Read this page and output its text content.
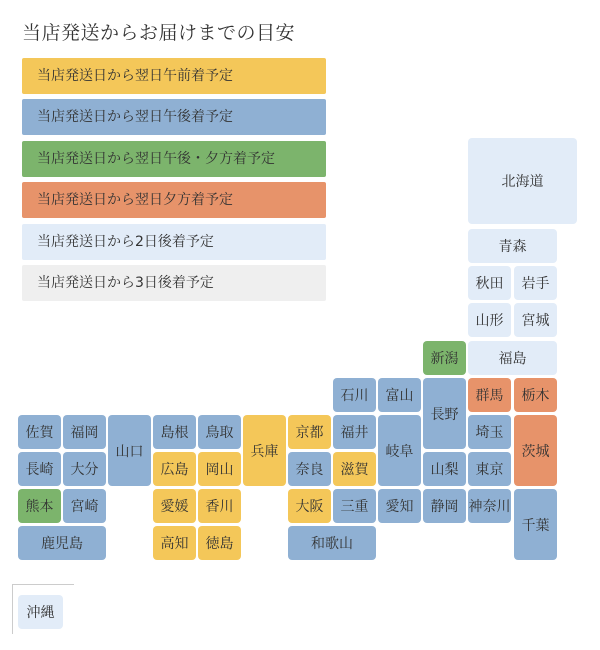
当店発送からお届けまでの目安
当店発送日から翌日午前着予定
当店発送日から翌日午後着予定
当店発送日から翌日午後・夕方着予定
当店発送日から翌日夕方着予定
当店発送日から2日後着予定
当店発送日から3日後着予定
北海道
青森
秋田	岩手
山形	宮城
新潟	福島
石川	富山
長野
群馬	栃木
佐賀	福岡
山口
島根	鳥取
兵庫
京都	福井
岐阜
埼玉
茨城
長崎	大分	広島	岡山	奈良	滋賀	山梨	東京
熊本	宮崎	愛媛	香川	大阪	三重	愛知	静岡 神奈川
千葉
鹿児島	高知	徳島	和歌山
沖縄
